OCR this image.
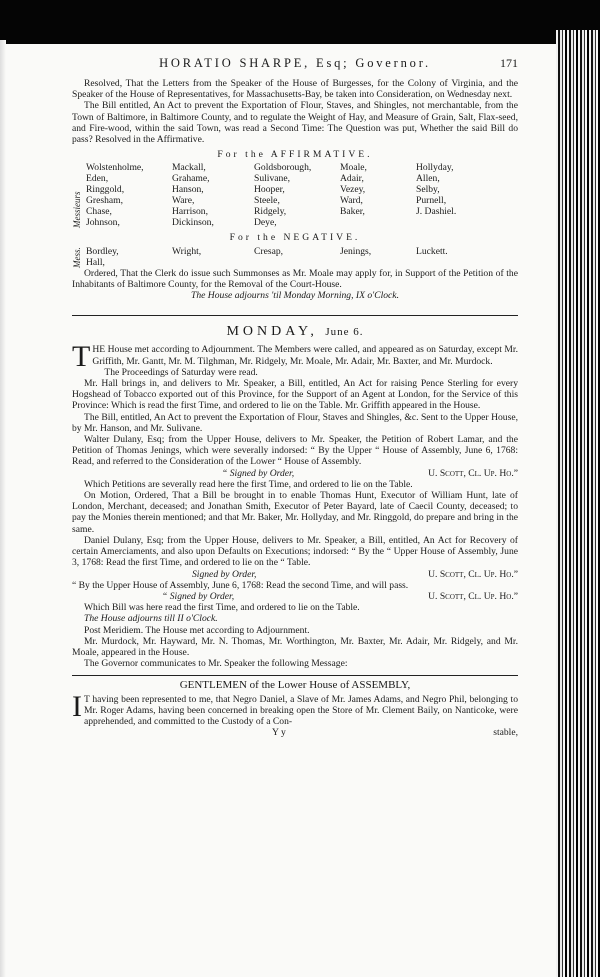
HORATIO SHARPE, Esq; Governor.	171

Resolved, That the Letters from the Speaker of the House of Burgesses, for the Colony of Virginia, and the Speaker of the House of Representatives, for Massachusetts-Bay, be taken into Consideration, on Wednesday next.

The Bill entitled, An Act to prevent the Exportation of Flour, Staves, and Shingles, not merchantable, from the Town of Baltimore, in Baltimore County, and to regulate the Weight of Hay, and Measure of Grain, Salt, Flax-seed, and Fire-wood, within the said Town, was read a Second Time: The Question was put, Whether the said Bill do pass? Resolved in the Affirmative.

For the AFFIRMATIVE.
Messieurs
Wolstenholme,	Mackall,	Goldsborough,	Moale,	Hollyday,
Eden,	Grahame,	Sulivane,	Adair,	Allen,
Ringgold,	Hanson,	Hooper,	Vezey,	Selby,
Gresham,	Ware,	Steele,	Ward,	Purnell,
Chase,	Harrison,	Ridgely,	Baker,	J. Dashiel.
Johnson,	Dickinson,	Deye,		
For the NEGATIVE.
Mess. Bordley,	Wright,	Cresap,	Jenings,	Luckett.
Hall,				

Ordered, That the Clerk do issue such Summonses as Mr. Moale may apply for, in Support of the Petition of the Inhabitants of Baltimore County, for the Removal of the Court-House.

The House adjourns 'til Monday Morning, IX o'Clock.

MONDAY, June 6.

THE House met according to Adjournment. The Members were called, and appeared as on Saturday, except Mr. Griffith, Mr. Gantt, Mr. M. Tilghman, Mr. Ridgely, Mr. Moale, Mr. Adair, Mr. Baxter, and Mr. Murdock.

The Proceedings of Saturday were read.

Mr. Hall brings in, and delivers to Mr. Speaker, a Bill, entitled, An Act for raising Pence Sterling for every Hogshead of Tobacco exported out of this Province, for the Support of an Agent at London, for the Service of this Province: Which is read the first Time, and ordered to lie on the Table. Mr. Griffith appeared in the House.

The Bill, entitled, An Act to prevent the Exportation of Flour, Staves and Shingles, &c. Sent to the Upper House, by Mr. Hanson, and Mr. Sulivane.

Walter Dulany, Esq; from the Upper House, delivers to Mr. Speaker, the Petition of Robert Lamar, and the Petition of Thomas Jenings, which were severally indorsed: “ By the Upper “ House of Assembly, June 6, 1768: Read, and referred to the Consideration of the Lower “ House of Assembly.

“ Signed by Order,	U. Scott, Cl. Up. Ho.”

Which Petitions are severally read here the first Time, and ordered to lie on the Table.

On Motion, Ordered, That a Bill be brought in to enable Thomas Hunt, Executor of William Hunt, late of London, Merchant, deceased; and Jonathan Smith, Executor of Peter Bayard, late of Caecil County, deceased; to pay the Monies therein mentioned; and that Mr. Baker, Mr. Hollyday, and Mr. Ringgold, do prepare and bring in the same.

Daniel Dulany, Esq; from the Upper House, delivers to Mr. Speaker, a Bill, entitled, An Act for Recovery of certain Amerciaments, and also upon Defaults on Executions; indorsed: “ By the “ Upper House of Assembly, June 3, 1768: Read the first Time, and ordered to lie on the “ Table.

Signed by Order,	U. Scott, Cl. Up. Ho.”

“ By the Upper House of Assembly, June 6, 1768: Read the second Time, and will pass.

“ Signed by Order,	U. Scott, Cl. Up. Ho.”

Which Bill was here read the first Time, and ordered to lie on the Table.

The House adjourns till II o'Clock.

Post Meridiem. The House met according to Adjournment.

Mr. Murdock, Mr. Hayward, Mr. N. Thomas, Mr. Worthington, Mr. Baxter, Mr. Adair, Mr. Ridgely, and Mr. Moale, appeared in the House.

The Governor communicates to Mr. Speaker the following Message:

GENTLEMEN of the Lower House of ASSEMBLY,

I T having been represented to me, that Negro Daniel, a Slave of Mr. James Adams, and Negro Phil, belonging to Mr. Roger Adams, having been concerned in breaking open the Store of Mr. Clement Baily, on Nanticoke, were apprehended, and committed to the Custody of a Con-

Y y	stable,
